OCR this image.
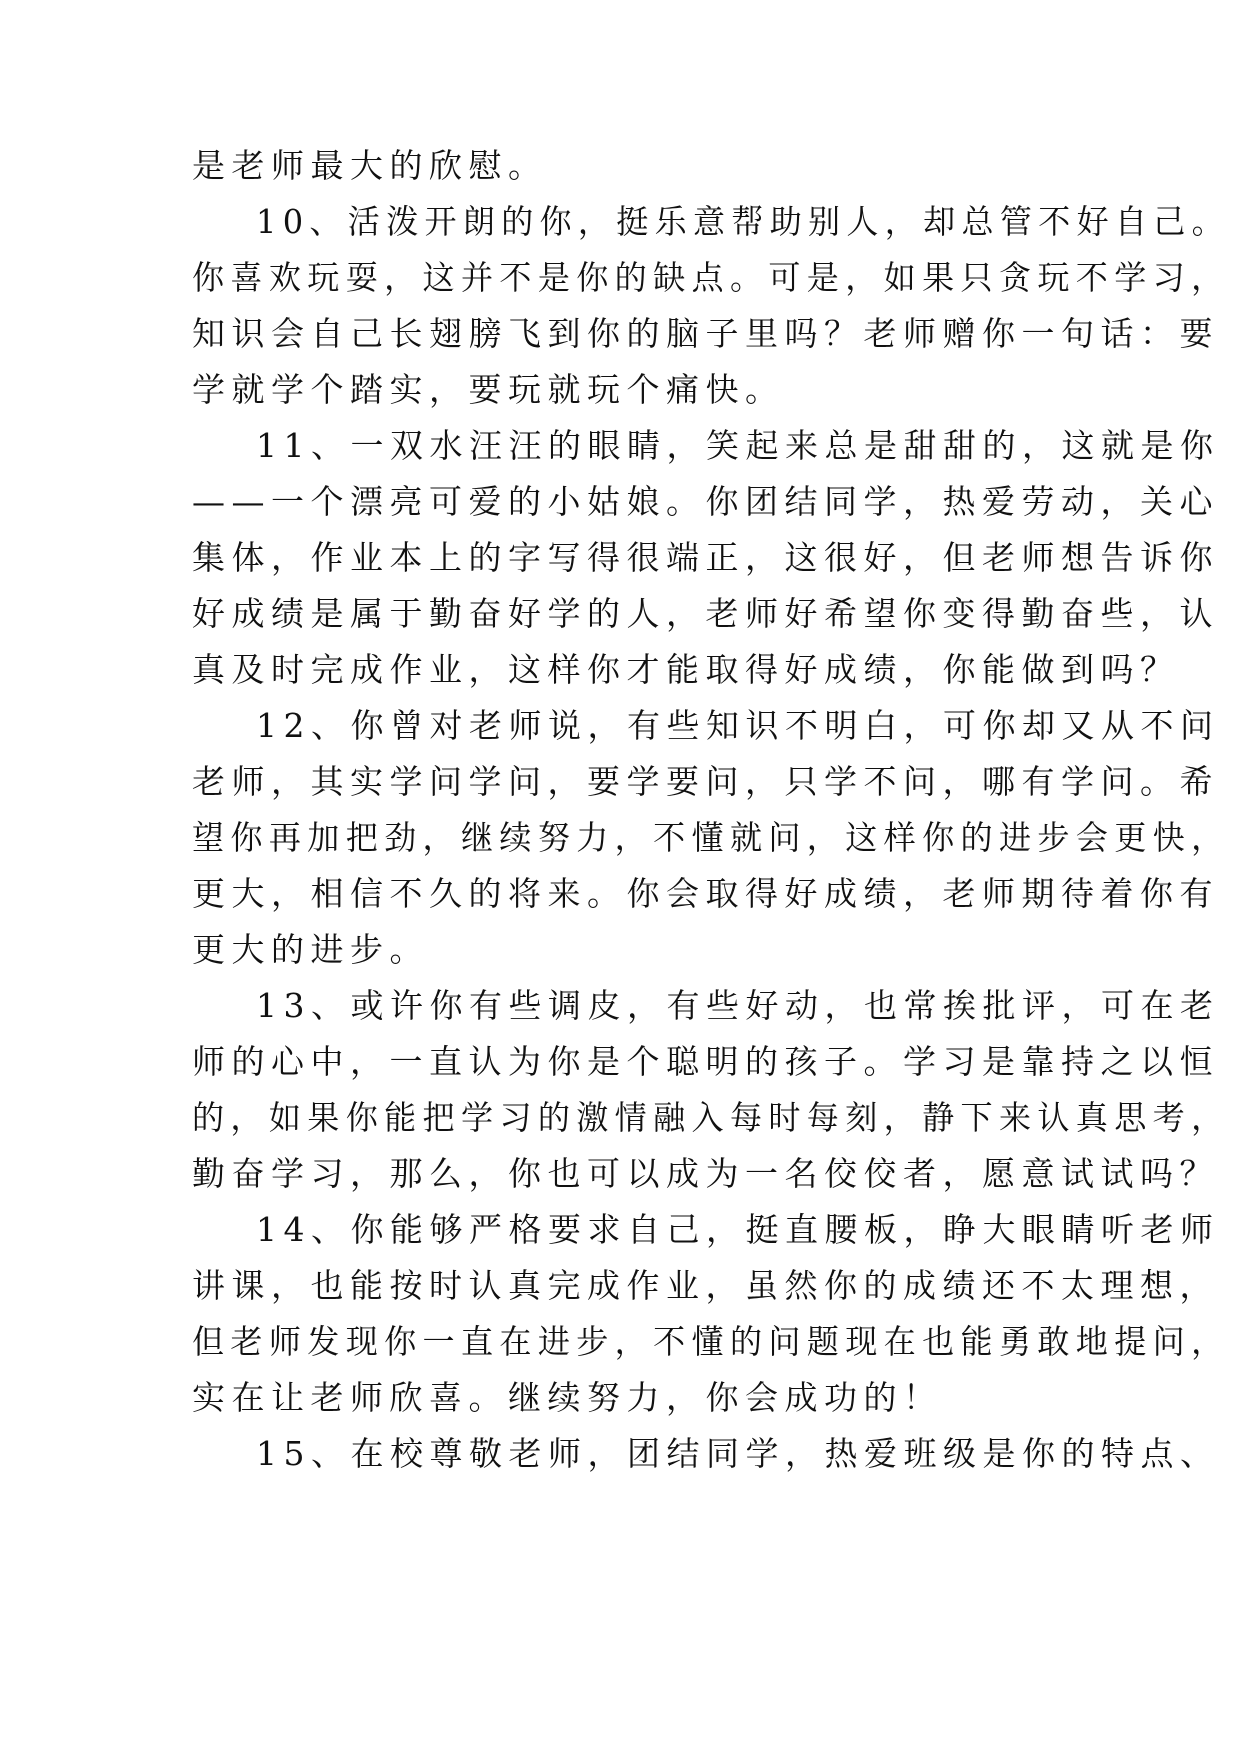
是老师最大的欣慰。
10、活泼开朗的你，挺乐意帮助别人，却总管不好自己。
你喜欢玩耍，这并不是你的缺点。可是，如果只贪玩不学习，
知识会自己长翅膀飞到你的脑子里吗？老师赠你一句话：要
学就学个踏实，要玩就玩个痛快。
11、一双水汪汪的眼睛，笑起来总是甜甜的，这就是你
——一个漂亮可爱的小姑娘。你团结同学，热爱劳动，关心
集体，作业本上的字写得很端正，这很好，但老师想告诉你
好成绩是属于勤奋好学的人，老师好希望你变得勤奋些，认
真及时完成作业，这样你才能取得好成绩，你能做到吗？
12、你曾对老师说，有些知识不明白，可你却又从不问
老师，其实学问学问，要学要问，只学不问，哪有学问。希
望你再加把劲，继续努力，不懂就问，这样你的进步会更快，
更大，相信不久的将来。你会取得好成绩，老师期待着你有
更大的进步。
13、或许你有些调皮，有些好动，也常挨批评，可在老
师的心中，一直认为你是个聪明的孩子。学习是靠持之以恒
的，如果你能把学习的激情融入每时每刻，静下来认真思考，
勤奋学习，那么，你也可以成为一名佼佼者，愿意试试吗？
14、你能够严格要求自己，挺直腰板，睁大眼睛听老师
讲课，也能按时认真完成作业，虽然你的成绩还不太理想，
但老师发现你一直在进步，不懂的问题现在也能勇敢地提问，
实在让老师欣喜。继续努力，你会成功的！
15、在校尊敬老师，团结同学，热爱班级是你的特点、
